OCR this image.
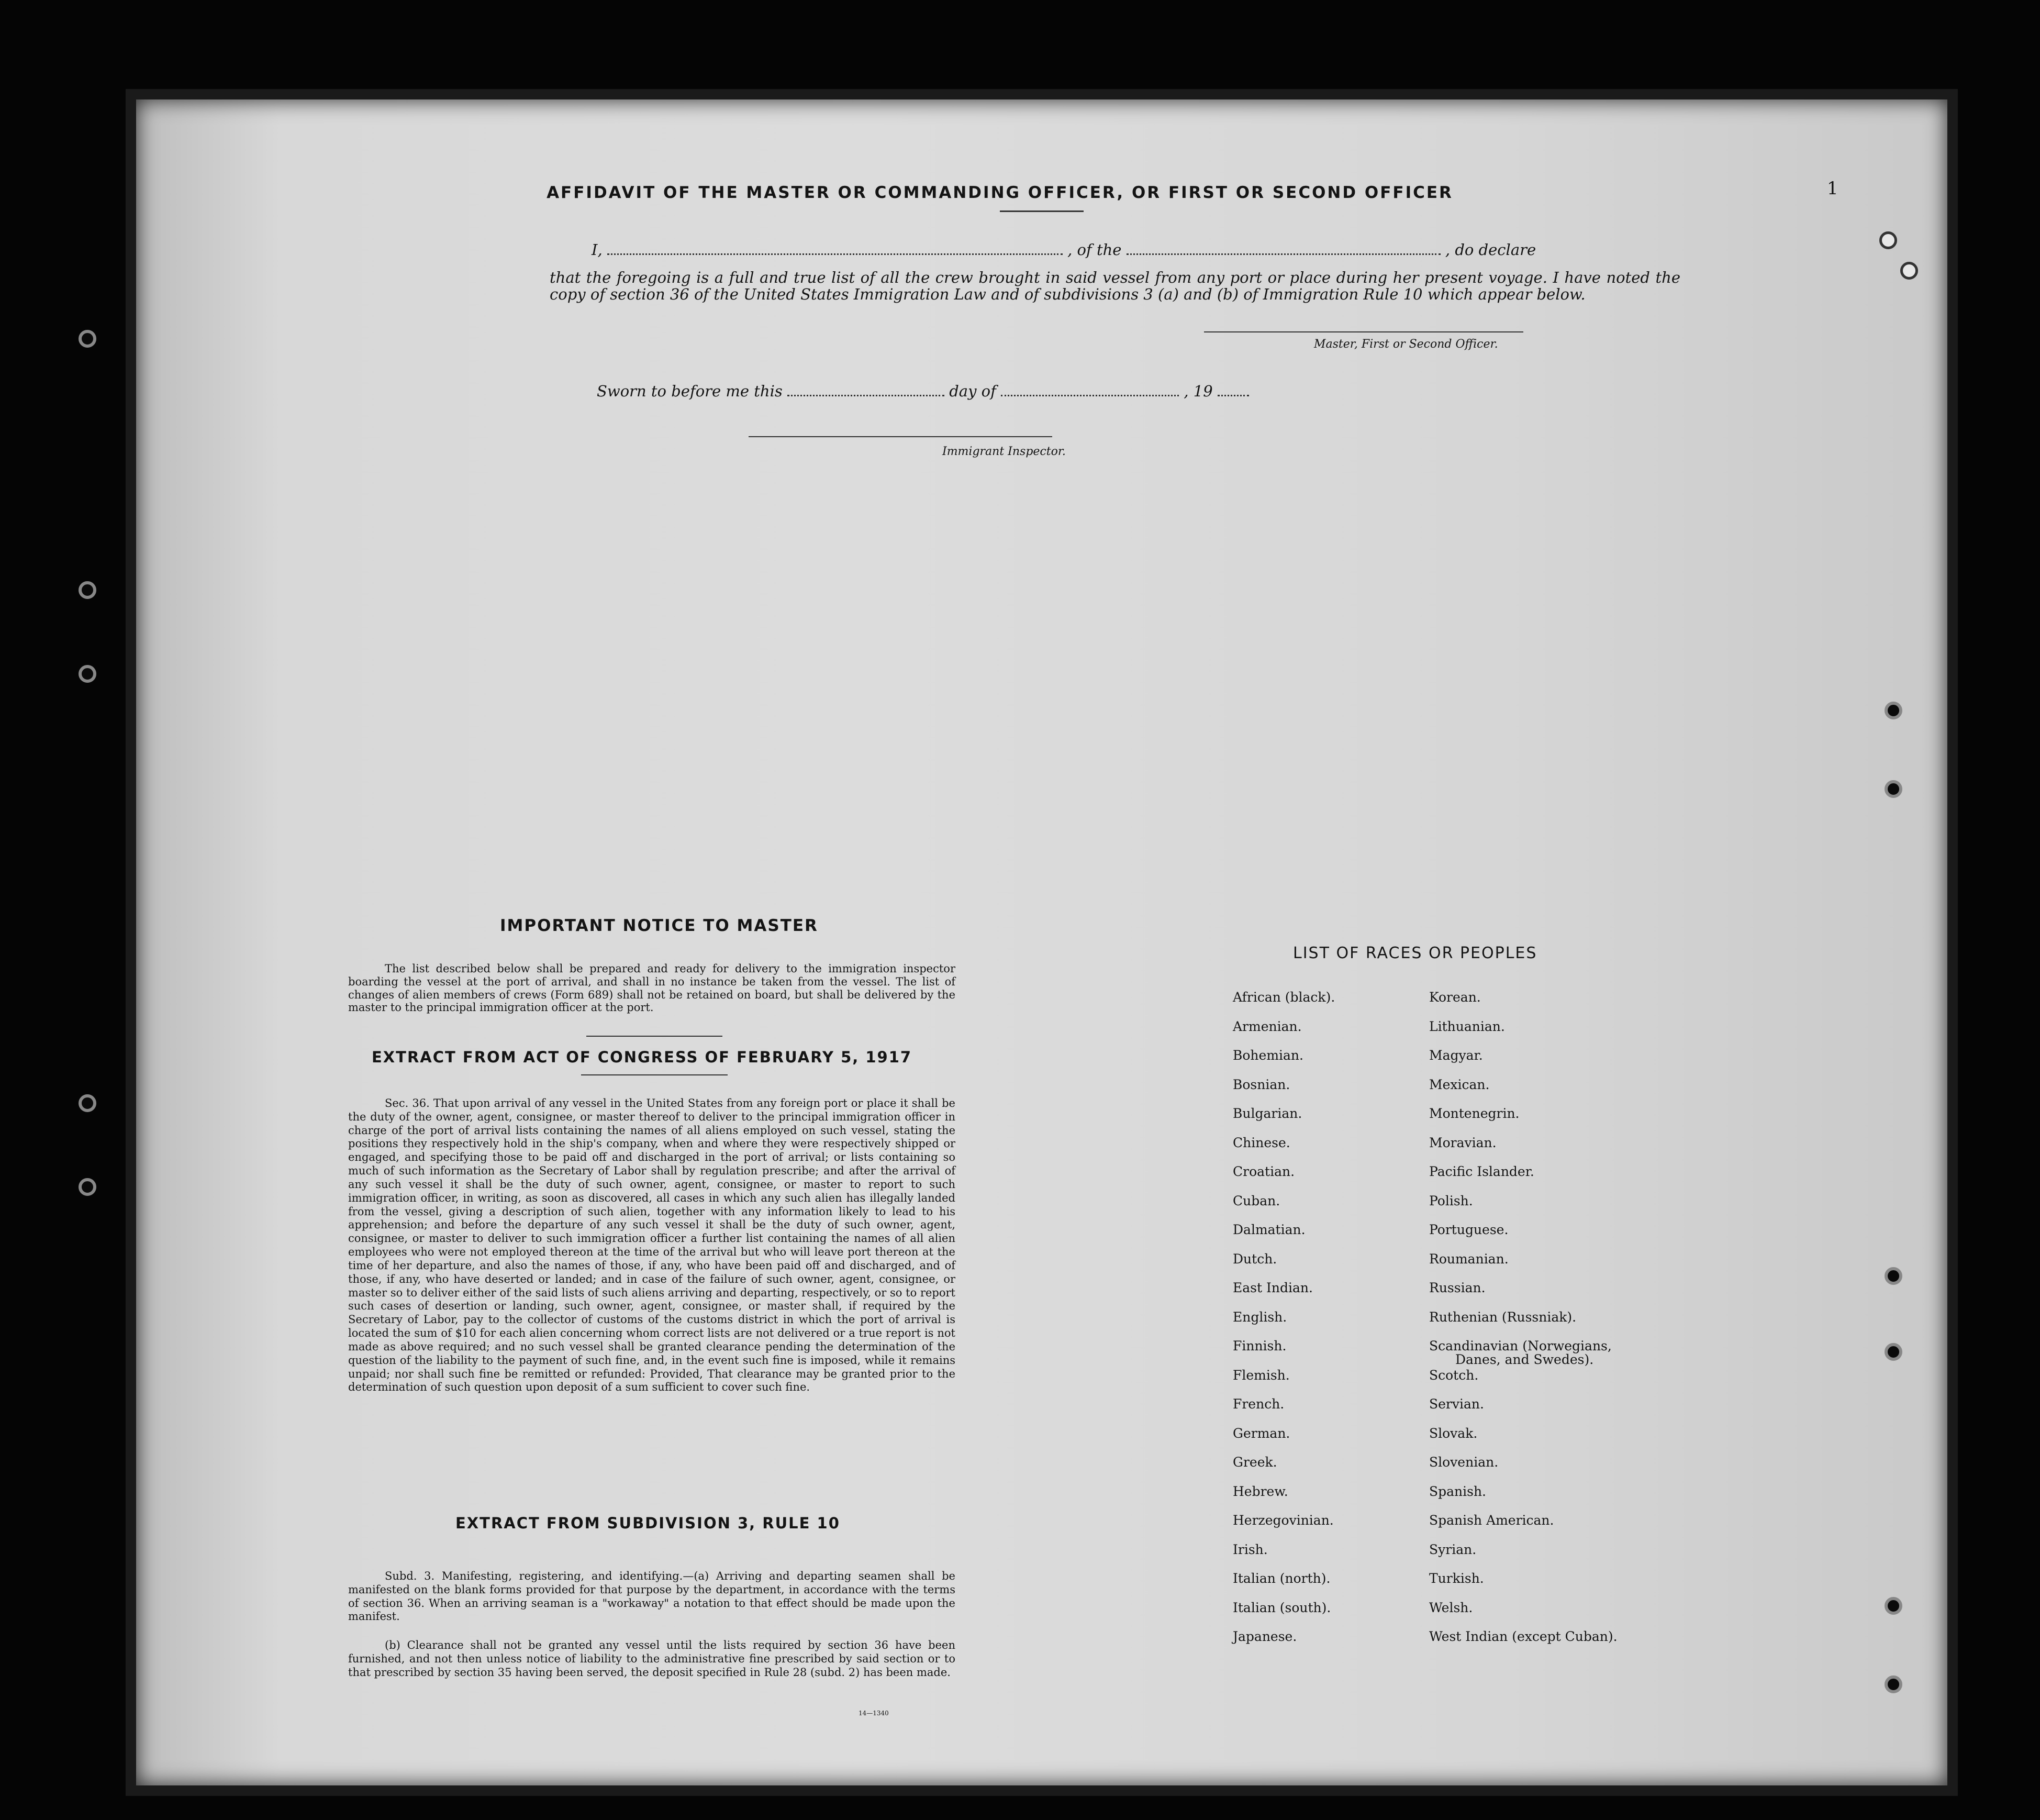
1
AFFIDAVIT OF THE MASTER OR COMMANDING OFFICER, OR FIRST OR SECOND OFFICER
I,	, of the	, do declare
that the foregoing is a full and true list of all the crew brought in said vessel from any port or place during her present voyage. I have noted the copy of section 36 of the United States Immigration Law and of subdivisions 3 (a) and (b) of Immigration Rule 10 which appear below.
Master, First or Second Officer.
Sworn to before me this	day of	, 19
Immigrant Inspector.
IMPORTANT NOTICE TO MASTER
The list described below shall be prepared and ready for delivery to the immigration inspector boarding the vessel at the port of arrival, and shall in no instance be taken from the vessel. The list of changes of alien members of crews (Form 689) shall not be retained on board, but shall be delivered by the master to the principal immigration officer at the port.
EXTRACT FROM ACT OF CONGRESS OF FEBRUARY 5, 1917
Sec. 36. That upon arrival of any vessel in the United States from any foreign port or place it shall be the duty of the owner, agent, consignee, or master thereof to deliver to the principal immigration officer in charge of the port of arrival lists containing the names of all aliens employed on such vessel, stating the positions they respectively hold in the ship's company, when and where they were respectively shipped or engaged, and specifying those to be paid off and discharged in the port of arrival; or lists containing so much of such information as the Secretary of Labor shall by regulation prescribe; and after the arrival of any such vessel it shall be the duty of such owner, agent, consignee, or master to report to such immigration officer, in writing, as soon as discovered, all cases in which any such alien has illegally landed from the vessel, giving a description of such alien, together with any information likely to lead to his apprehension; and before the departure of any such vessel it shall be the duty of such owner, agent, consignee, or master to deliver to such immigration officer a further list containing the names of all alien employees who were not employed thereon at the time of the arrival but who will leave port thereon at the time of her departure, and also the names of those, if any, who have been paid off and discharged, and of those, if any, who have deserted or landed; and in case of the failure of such owner, agent, consignee, or master so to deliver either of the said lists of such aliens arriving and departing, respectively, or so to report such cases of desertion or landing, such owner, agent, consignee, or master shall, if required by the Secretary of Labor, pay to the collector of customs of the customs district in which the port of arrival is located the sum of $10 for each alien concerning whom correct lists are not delivered or a true report is not made as above required; and no such vessel shall be granted clearance pending the determination of the question of the liability to the payment of such fine, and, in the event such fine is imposed, while it remains unpaid; nor shall such fine be remitted or refunded: Provided, That clearance may be granted prior to the determination of such question upon deposit of a sum sufficient to cover such fine.
EXTRACT FROM SUBDIVISION 3, RULE 10
Subd. 3. Manifesting, registering, and identifying.—(a) Arriving and departing seamen shall be manifested on the blank forms provided for that purpose by the department, in accordance with the terms of section 36. When an arriving seaman is a "workaway" a notation to that effect should be made upon the manifest.
(b) Clearance shall not be granted any vessel until the lists required by section 36 have been furnished, and not then unless notice of liability to the administrative fine prescribed by said section or to that prescribed by section 35 having been served, the deposit specified in Rule 28 (subd. 2) has been made.
14—1340
LIST OF RACES OR PEOPLES
African (black).
Armenian.
Bohemian.
Bosnian.
Bulgarian.
Chinese.
Croatian.
Cuban.
Dalmatian.
Dutch.
East Indian.
English.
Finnish.
Flemish.
French.
German.
Greek.
Hebrew.
Herzegovinian.
Irish.
Italian (north).
Italian (south).
Japanese.
Korean.
Lithuanian.
Magyar.
Mexican.
Montenegrin.
Moravian.
Pacific Islander.
Polish.
Portuguese.
Roumanian.
Russian.
Ruthenian (Russniak).
Scandinavian (Norwegians,
Scotch.
Servian.
Slovak.
Slovenian.
Spanish.
Spanish American.
Syrian.
Turkish.
Welsh.
West Indian (except Cuban).
Danes, and Swedes).
